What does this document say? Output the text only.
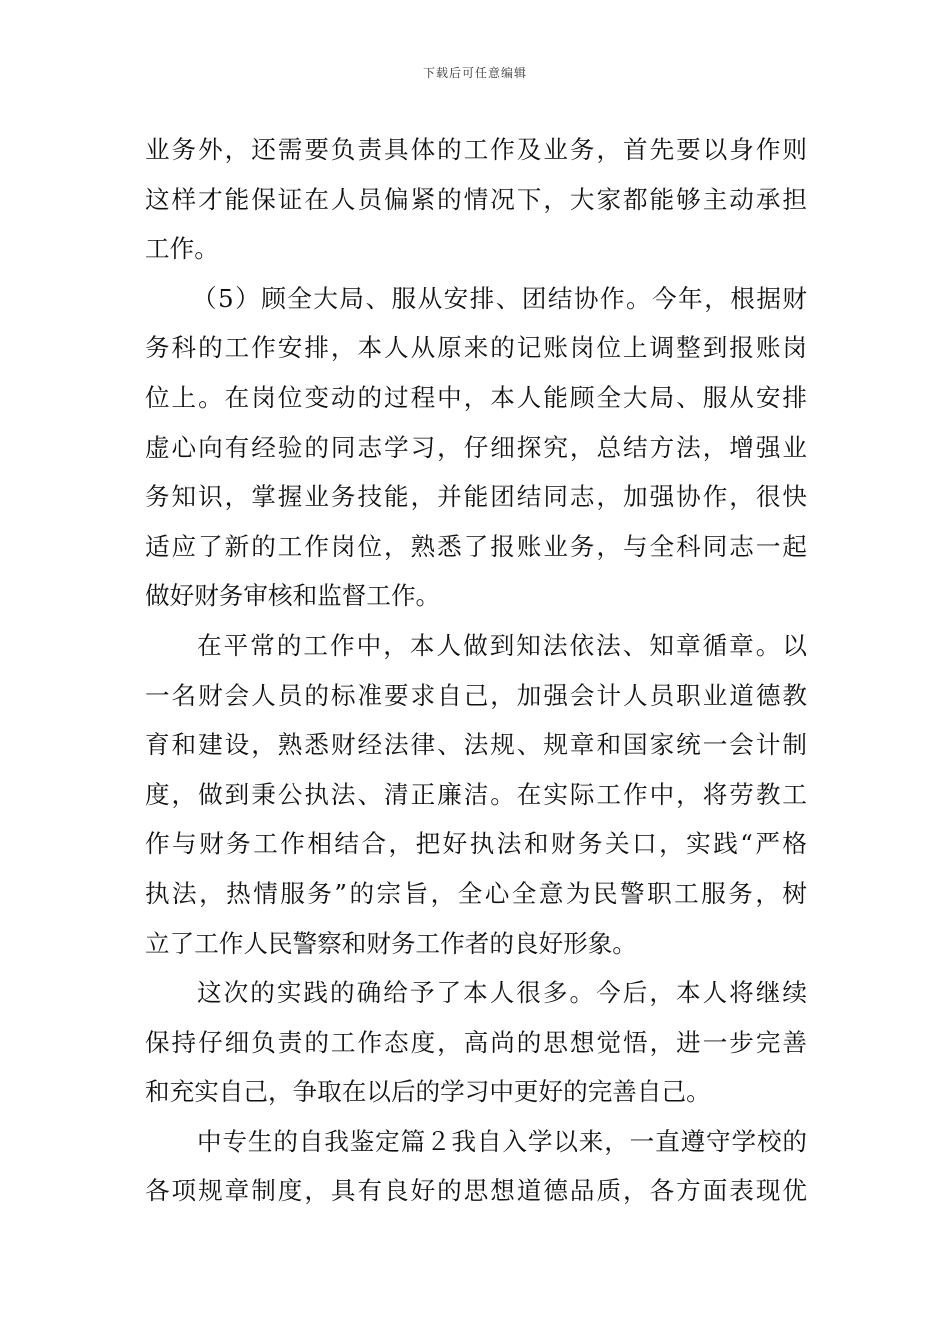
下载后可任意编辑
业务外，还需要负责具体的工作及业务，首先要以身作则
这样才能保证在人员偏紧的情况下，大家都能够主动承担
工作。
（5）顾全大局、服从安排、团结协作。今年，根据财
务科的工作安排，本人从原来的记账岗位上调整到报账岗
位上。在岗位变动的过程中，本人能顾全大局、服从安排
虚心向有经验的同志学习，仔细探究，总结方法，增强业
务知识，掌握业务技能，并能团结同志，加强协作，很快
适应了新的工作岗位，熟悉了报账业务，与全科同志一起
做好财务审核和监督工作。
在平常的工作中，本人做到知法依法、知章循章。以
一名财会人员的标准要求自己，加强会计人员职业道德教
育和建设，熟悉财经法律、法规、规章和国家统一会计制
度，做到秉公执法、清正廉洁。在实际工作中，将劳教工
作与财务工作相结合，把好执法和财务关口，实践“严格
执法，热情服务”的宗旨，全心全意为民警职工服务，树
立了工作人民警察和财务工作者的良好形象。
这次的实践的确给予了本人很多。今后，本人将继续
保持仔细负责的工作态度，高尚的思想觉悟，进一步完善
和充实自己，争取在以后的学习中更好的完善自己。
中专生的自我鉴定篇２我自入学以来，一直遵守学校的
各项规章制度，具有良好的思想道德品质，各方面表现优
